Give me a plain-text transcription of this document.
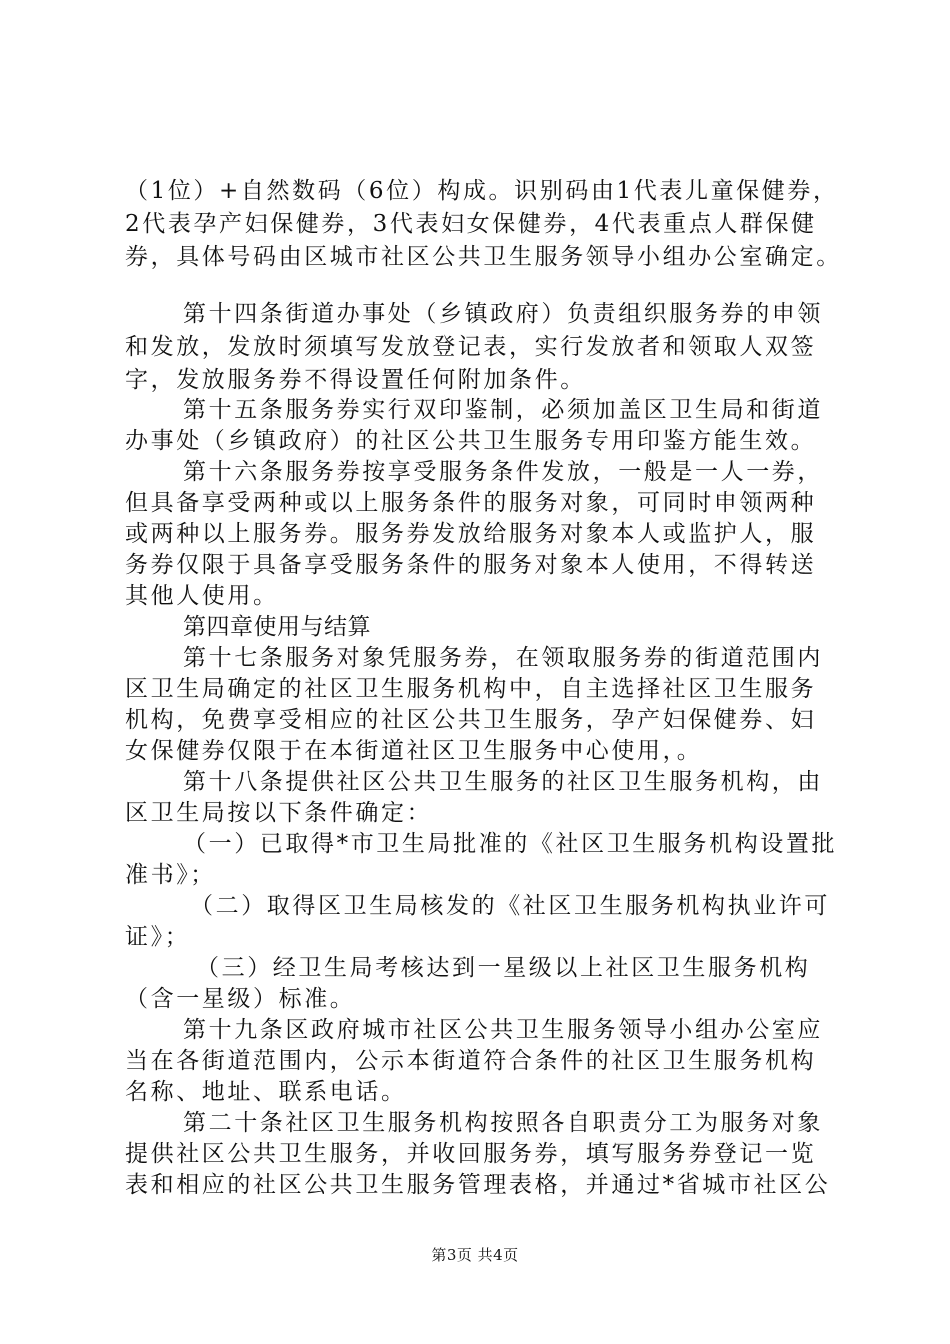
（1位）+自然数码（6位）构成。识别码由1代表儿童保健券，
2代表孕产妇保健券，3代表妇女保健券，4代表重点人群保健
券，具体号码由区城市社区公共卫生服务领导小组办公室确定。
第十四条街道办事处（乡镇政府）负责组织服务券的申领
和发放，发放时须填写发放登记表，实行发放者和领取人双签
字，发放服务券不得设置任何附加条件。
第十五条服务券实行双印鉴制，必须加盖区卫生局和街道
办事处（乡镇政府）的社区公共卫生服务专用印鉴方能生效。
第十六条服务券按享受服务条件发放，一般是一人一券，
但具备享受两种或以上服务条件的服务对象，可同时申领两种
或两种以上服务券。服务券发放给服务对象本人或监护人，服
务券仅限于具备享受服务条件的服务对象本人使用，不得转送
其他人使用。
第四章使用与结算
第十七条服务对象凭服务券，在领取服务券的街道范围内
区卫生局确定的社区卫生服务机构中，自主选择社区卫生服务
机构，免费享受相应的社区公共卫生服务，孕产妇保健券、妇
女保健券仅限于在本街道社区卫生服务中心使用，。
第十八条提供社区公共卫生服务的社区卫生服务机构，由
区卫生局按以下条件确定：
（一）已取得*市卫生局批准的《社区卫生服务机构设置批
准书》；
（二）取得区卫生局核发的《社区卫生服务机构执业许可
证》；
（三）经卫生局考核达到一星级以上社区卫生服务机构
（含一星级）标准。
第十九条区政府城市社区公共卫生服务领导小组办公室应
当在各街道范围内，公示本街道符合条件的社区卫生服务机构
名称、地址、联系电话。
第二十条社区卫生服务机构按照各自职责分工为服务对象
提供社区公共卫生服务，并收回服务券，填写服务券登记一览
表和相应的社区公共卫生服务管理表格，并通过*省城市社区公
第3页 共4页
